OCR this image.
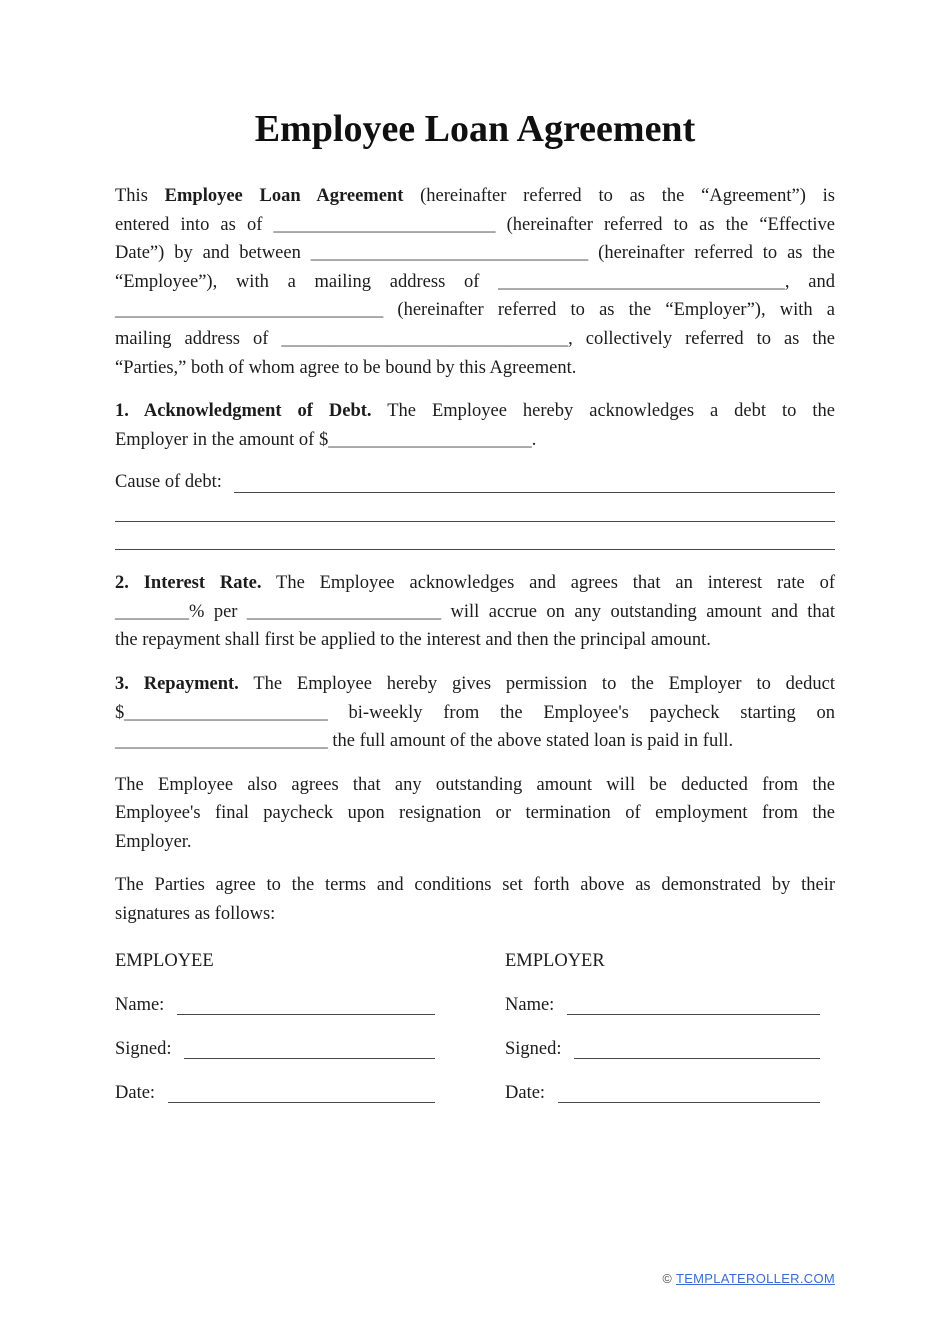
Employee Loan Agreement
This Employee Loan Agreement (hereinafter referred to as the “Agreement”) is
entered into as of ________________________ (hereinafter referred to as the “Effective
Date”) by and between ______________________________ (hereinafter referred to as the
“Employee”), with a mailing address of _______________________________, and
_____________________________ (hereinafter referred to as the “Employer”), with a
mailing address of _______________________________, collectively referred to as the
“Parties,” both of whom agree to be bound by this Agreement.
1. Acknowledgment of Debt. The Employee hereby acknowledges a debt to the
Employer in the amount of $______________________.
Cause of debt:
2. Interest Rate. The Employee acknowledges and agrees that an interest rate of
________% per _____________________ will accrue on any outstanding amount and that
the repayment shall first be applied to the interest and then the principal amount.
3. Repayment. The Employee hereby gives permission to the Employer to deduct
$______________________ bi-weekly from the Employee's paycheck starting on
_______________________ the full amount of the above stated loan is paid in full.
The Employee also agrees that any outstanding amount will be deducted from the
Employee's final paycheck upon resignation or termination of employment from the
Employer.
The Parties agree to the terms and conditions set forth above as demonstrated by their
signatures as follows:
EMPLOYEE
Name:
Signed:
Date:
EMPLOYER
Name:
Signed:
Date:
© TEMPLATEROLLER.COM
